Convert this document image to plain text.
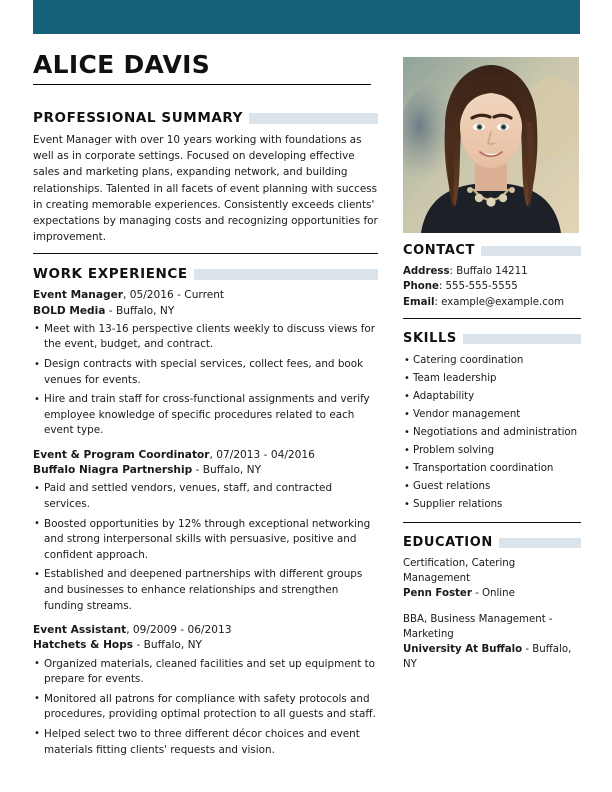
ALICE DAVIS
PROFESSIONAL SUMMARY
Event Manager with over 10 years working with foundations as well as in corporate settings. Focused on developing effective sales and marketing plans, expanding network, and building relationships. Talented in all facets of event planning with success in creating memorable experiences. Consistently exceeds clients' expectations by managing costs and recognizing opportunities for improvement.
WORK EXPERIENCE
Event Manager, 05/2016 - Current
BOLD Media - Buffalo, NY
• Meet with 13-16 perspective clients weekly to discuss views for the event, budget, and contract.
• Design contracts with special services, collect fees, and book venues for events.
• Hire and train staff for cross-functional assignments and verify employee knowledge of specific procedures related to each event type.
Event & Program Coordinator, 07/2013 - 04/2016
Buffalo Niagra Partnership - Buffalo, NY
• Paid and settled vendors, venues, staff, and contracted services.
• Boosted opportunities by 12% through exceptional networking and strong interpersonal skills with persuasive, positive and confident approach.
• Established and deepened partnerships with different groups and businesses to enhance relationships and strengthen funding streams.
Event Assistant, 09/2009 - 06/2013
Hatchets & Hops - Buffalo, NY
• Organized materials, cleaned facilities and set up equipment to prepare for events.
• Monitored all patrons for compliance with safety protocols and procedures, providing optimal protection to all guests and staff.
• Helped select two to three different décor choices and event materials fitting clients' requests and vision.
CONTACT
Address: Buffalo 14211
Phone: 555-555-5555
Email: example@example.com
SKILLS
• Catering coordination
• Team leadership
• Adaptability
• Vendor management
• Negotiations and administration
• Problem solving
• Transportation coordination
• Guest relations
• Supplier relations
EDUCATION
Certification, Catering Management
Penn Foster - Online
BBA, Business Management - Marketing
University At Buffalo - Buffalo, NY
